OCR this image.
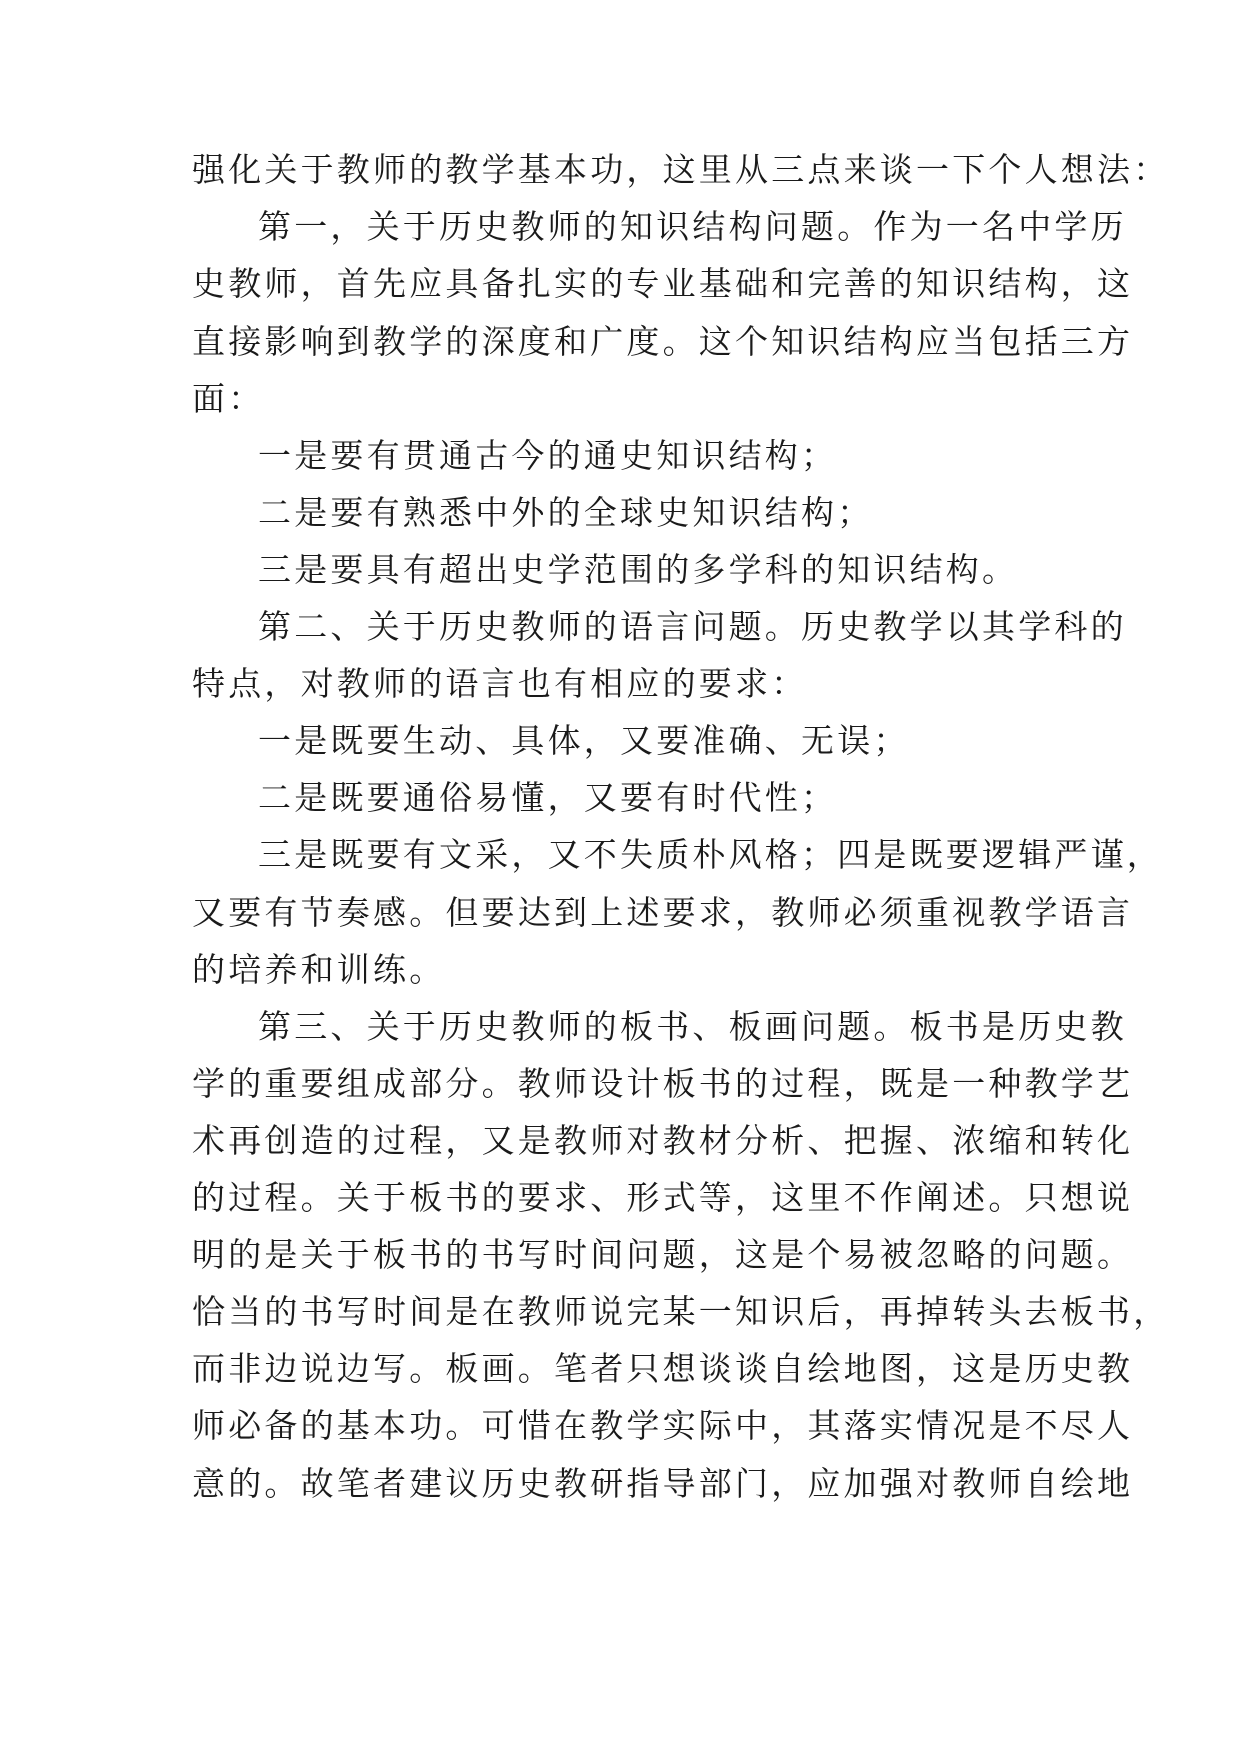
强化关于教师的教学基本功，这里从三点来谈一下个人想法：
第一，关于历史教师的知识结构问题。作为一名中学历
史教师，首先应具备扎实的专业基础和完善的知识结构，这
直接影响到教学的深度和广度。这个知识结构应当包括三方
面：
一是要有贯通古今的通史知识结构；
二是要有熟悉中外的全球史知识结构；
三是要具有超出史学范围的多学科的知识结构。
第二、关于历史教师的语言问题。历史教学以其学科的
特点，对教师的语言也有相应的要求：
一是既要生动、具体，又要准确、无误；
二是既要通俗易懂，又要有时代性；
三是既要有文采，又不失质朴风格；四是既要逻辑严谨，
又要有节奏感。但要达到上述要求，教师必须重视教学语言
的培养和训练。
第三、关于历史教师的板书、板画问题。板书是历史教
学的重要组成部分。教师设计板书的过程，既是一种教学艺
术再创造的过程，又是教师对教材分析、把握、浓缩和转化
的过程。关于板书的要求、形式等，这里不作阐述。只想说
明的是关于板书的书写时间问题，这是个易被忽略的问题。
恰当的书写时间是在教师说完某一知识后，再掉转头去板书，
而非边说边写。板画。笔者只想谈谈自绘地图，这是历史教
师必备的基本功。可惜在教学实际中，其落实情况是不尽人
意的。故笔者建议历史教研指导部门，应加强对教师自绘地
